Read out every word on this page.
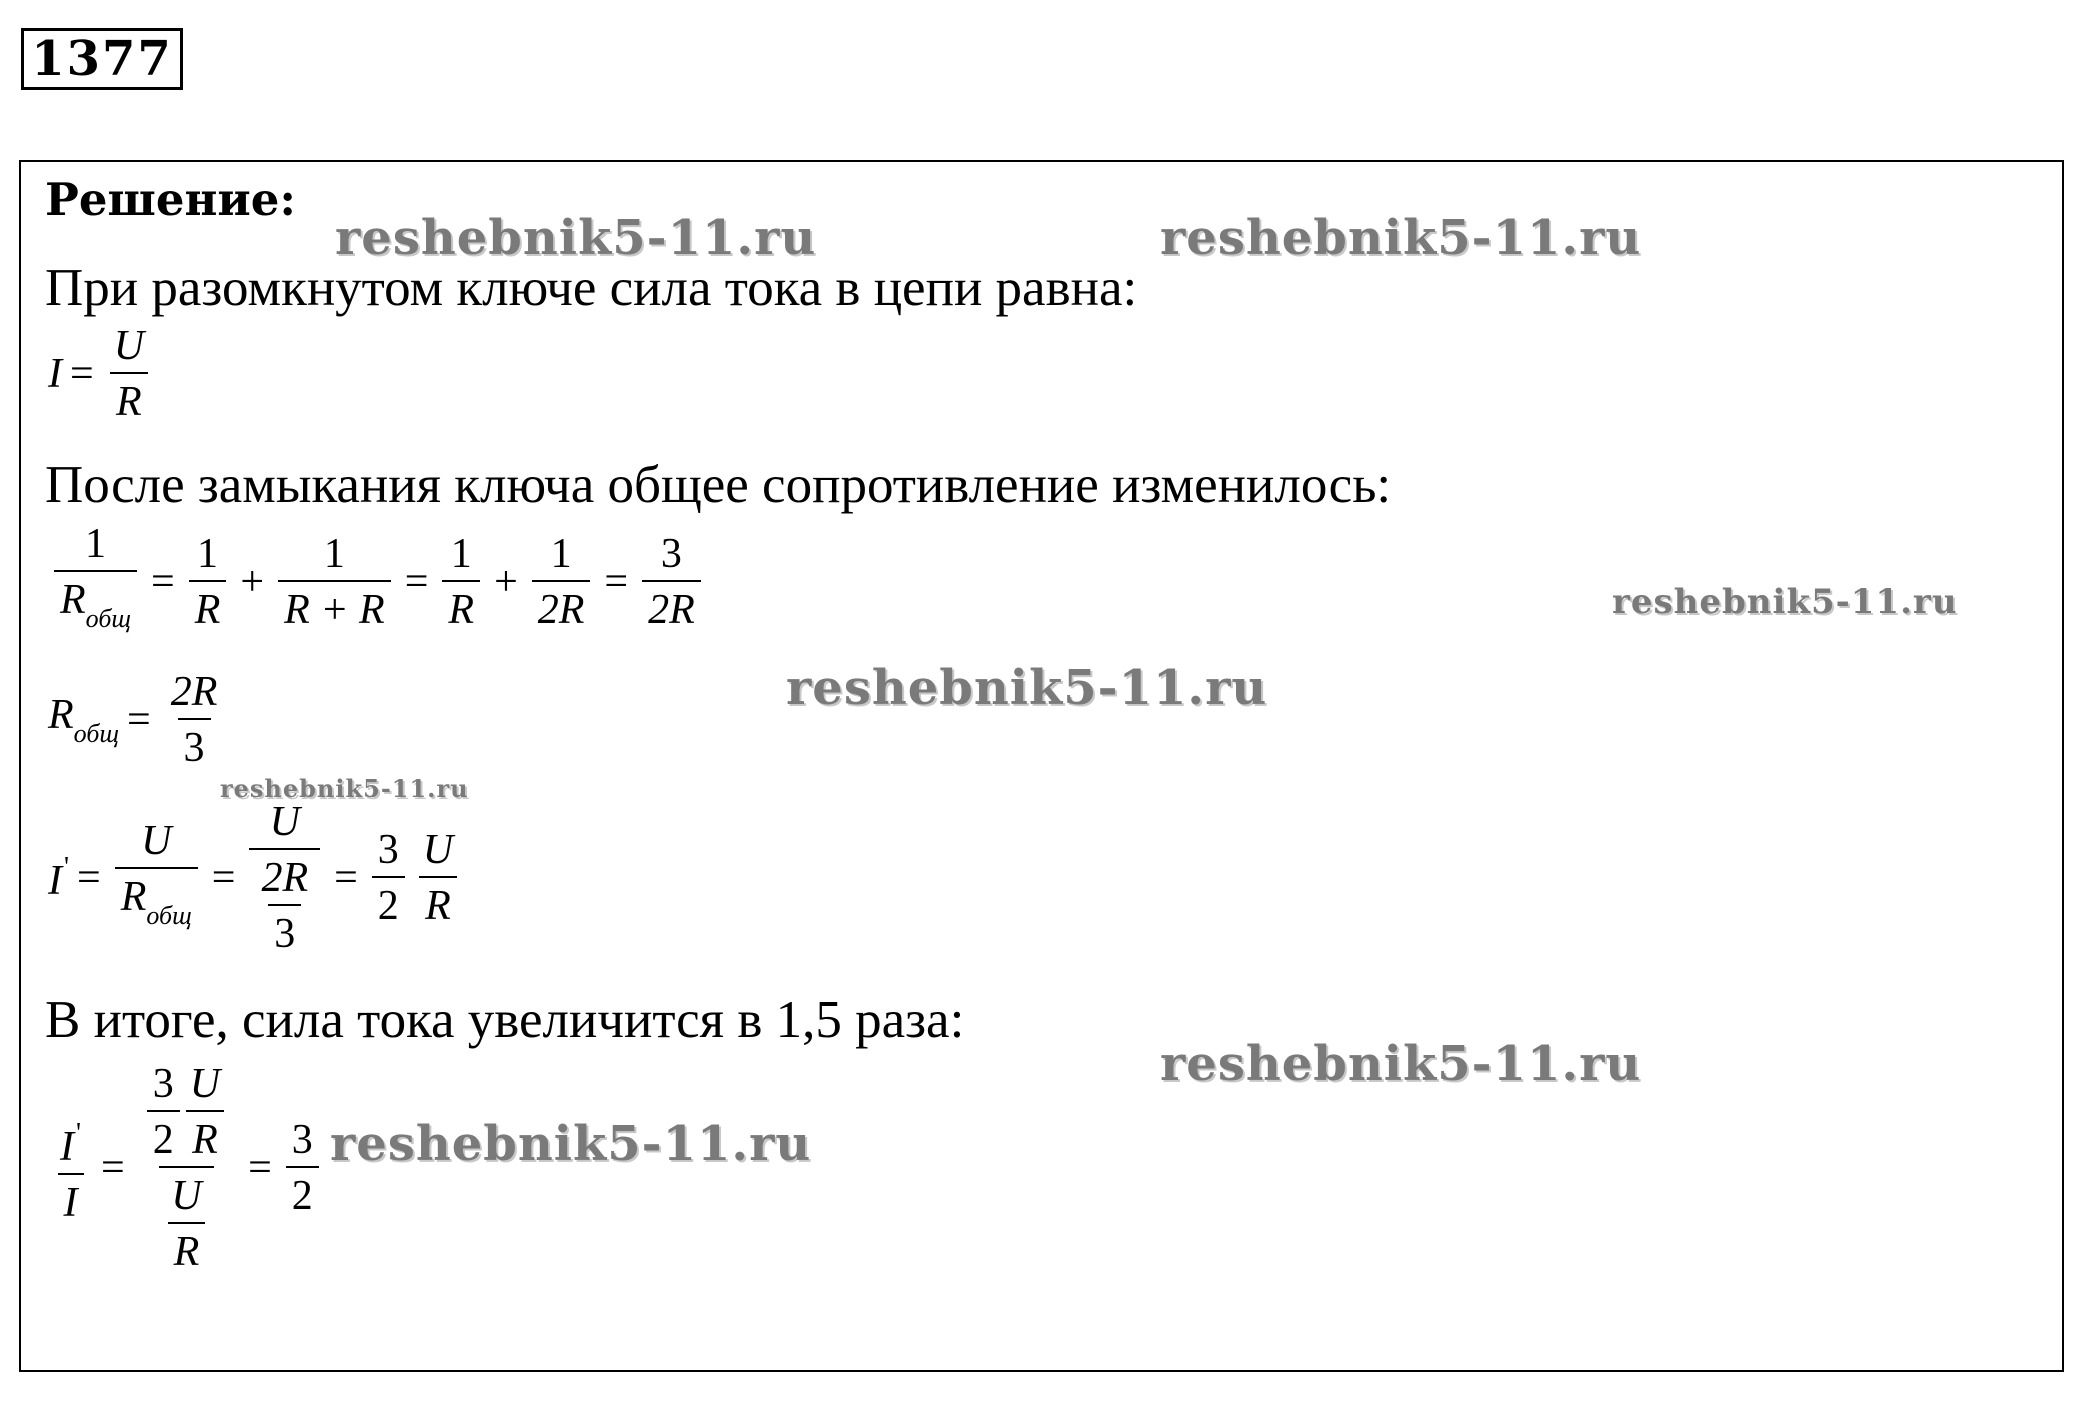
1377
Решение:
При разомкнутом ключе сила тока в цепи равна:
$I = \frac{U}{R}$
После замыкания ключа общее сопротивление изменилось:
$\frac{1}{R_{общ}} = \frac{1}{R} + \frac{1}{R + R} = \frac{1}{R} + \frac{1}{2R} = \frac{3}{2R}$
$R_{общ} = \frac{2R}{3}$
$I' = \frac{U}{R_{общ}} = \frac{U}{\frac{2R}{3}} = \frac{3}{2} \frac{U}{R}$
В итоге, сила тока увеличится в 1,5 раза:
$\frac{I'}{I} = \frac{\frac{3}{2} \frac{U}{R}}{\frac{U}{R}} = \frac{3}{2}$
reshebnik5-11.ru	reshebnik5-11.ru
reshebnik5-11.ru
reshebnik5-11.ru
reshebnik5-11.ru
reshebnik5-11.ru
reshebnik5-11.ru
